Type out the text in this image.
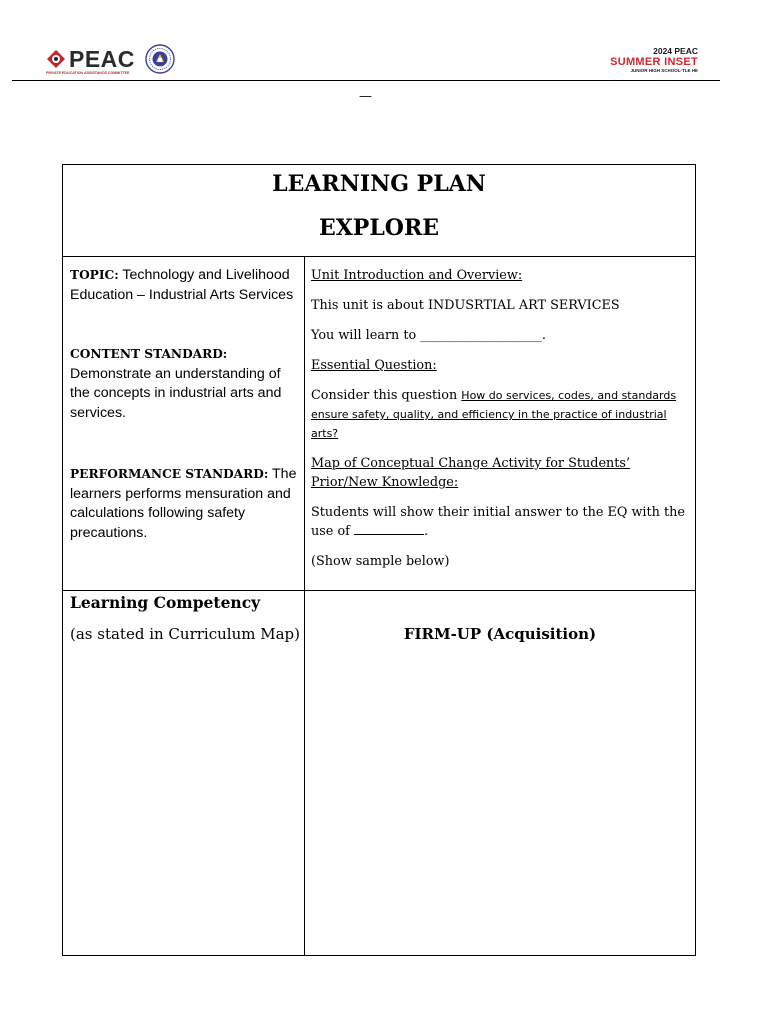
PEAC
PRIVATE EDUCATION ASSISTANCE COMMITTEE
2024 PEAC
SUMMER INSET
JUNIOR HIGH SCHOOL-TLE HE
—
LEARNING PLAN
EXPLORE

TOPIC: Technology and Livelihood Education – Industrial Arts Services

CONTENT STANDARD:
Demonstrate an understanding of the concepts in industrial arts and services.

PERFORMANCE STANDARD: The learners performs mensuration and calculations following safety precautions.

Unit Introduction and Overview:

This unit is about INDUSRTIAL ART SERVICES

You will learn to ___________________.

Essential Question:

Consider this question How do services, codes, and standards ensure safety, quality, and efficiency in the practice of industrial arts?

Map of Conceptual Change Activity for Students’ Prior/New Knowledge:

Students will show their initial answer to the EQ with the use of	.

(Show sample below)

Learning Competency
(as stated in Curriculum Map)	FIRM-UP (Acquisition)
